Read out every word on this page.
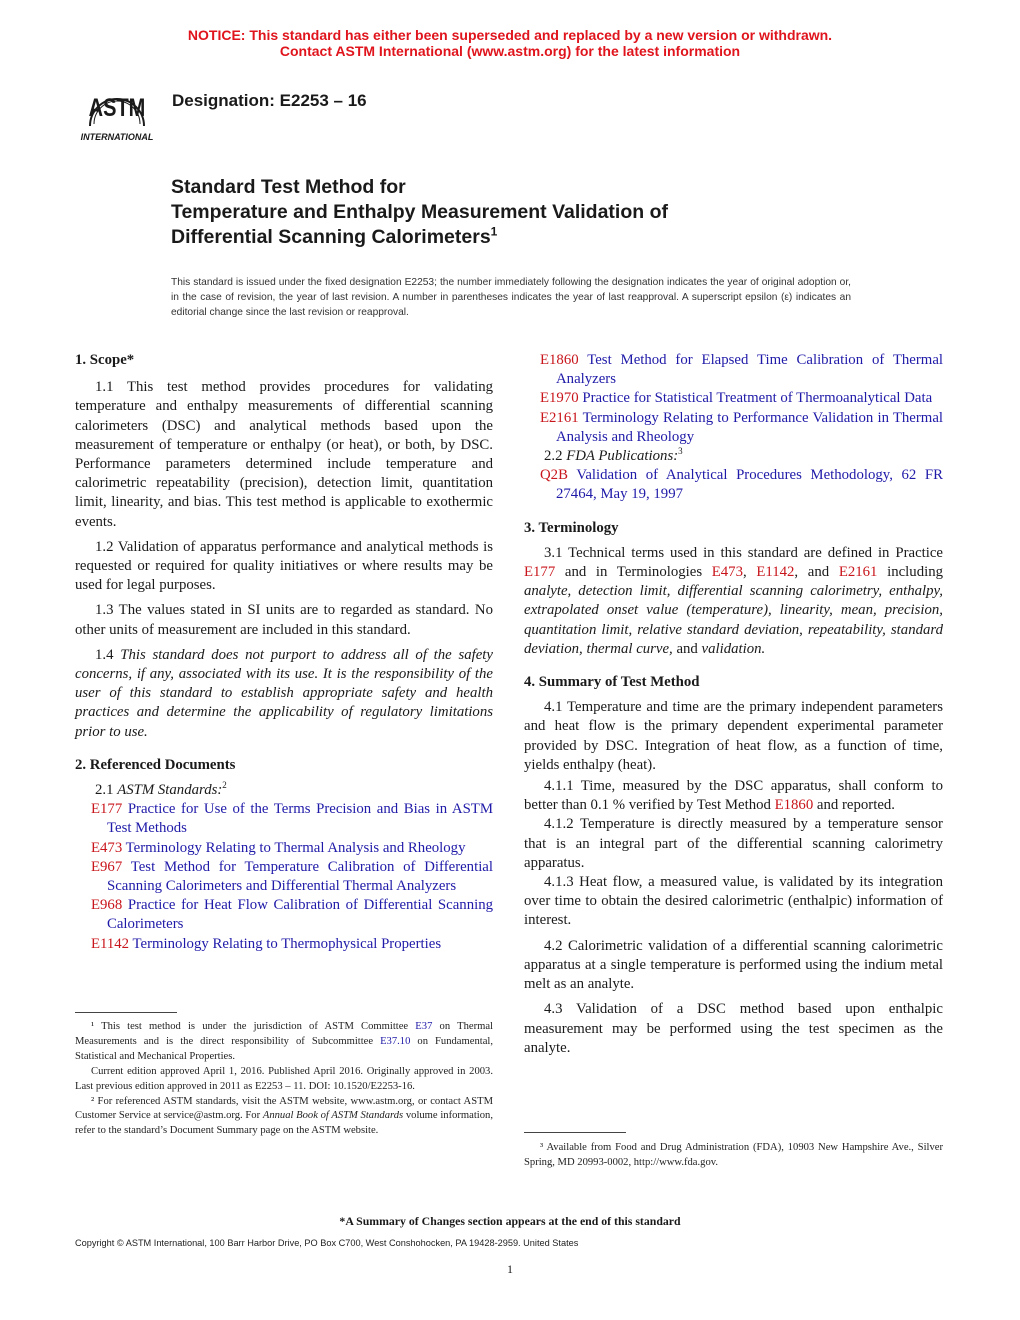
NOTICE: This standard has either been superseded and replaced by a new version or withdrawn.
Contact ASTM International (www.astm.org) for the latest information
ASTM
INTERNATIONAL
Designation: E2253 – 16
Standard Test Method for
Temperature and Enthalpy Measurement Validation of
Differential Scanning Calorimeters$^1$
This standard is issued under the fixed designation E2253; the number immediately following the designation indicates the year of original adoption or, in the case of revision, the year of last revision. A number in parentheses indicates the year of last reapproval. A superscript epsilon (ε) indicates an editorial change since the last revision or reapproval.

1. Scope*

1.1 This test method provides procedures for validating temperature and enthalpy measurements of differential scanning calorimeters (DSC) and analytical methods based upon the measurement of temperature or enthalpy (or heat), or both, by DSC. Performance parameters determined include temperature and calorimetric repeatability (precision), detection limit, quantitation limit, linearity, and bias. This test method is applicable to exothermic events.

1.2 Validation of apparatus performance and analytical methods is requested or required for quality initiatives or where results may be used for legal purposes.

1.3 The values stated in SI units are to regarded as standard. No other units of measurement are included in this standard.

1.4 This standard does not purport to address all of the safety concerns, if any, associated with its use. It is the responsibility of the user of this standard to establish appropriate safety and health practices and determine the applicability of regulatory limitations prior to use.

2. Referenced Documents

2.1 ASTM Standards:$^2$

E177 Practice for Use of the Terms Precision and Bias in ASTM Test Methods

E473 Terminology Relating to Thermal Analysis and Rheology

E967 Test Method for Temperature Calibration of Differential Scanning Calorimeters and Differential Thermal Analyzers

E968 Practice for Heat Flow Calibration of Differential Scanning Calorimeters

E1142 Terminology Relating to Thermophysical Properties

¹ This test method is under the jurisdiction of ASTM Committee E37 on Thermal Measurements and is the direct responsibility of Subcommittee E37.10 on Fundamental, Statistical and Mechanical Properties.

Current edition approved April 1, 2016. Published April 2016. Originally approved in 2003. Last previous edition approved in 2011 as E2253 – 11. DOI: 10.1520/E2253-16.

² For referenced ASTM standards, visit the ASTM website, www.astm.org, or contact ASTM Customer Service at service@astm.org. For Annual Book of ASTM Standards volume information, refer to the standard’s Document Summary page on the ASTM website.

E1860 Test Method for Elapsed Time Calibration of Thermal Analyzers

E1970 Practice for Statistical Treatment of Thermoanalytical Data

E2161 Terminology Relating to Performance Validation in Thermal Analysis and Rheology

2.2 FDA Publications:$^3$

Q2B Validation of Analytical Procedures Methodology, 62 FR 27464, May 19, 1997

3. Terminology

3.1 Technical terms used in this standard are defined in Practice E177 and in Terminologies E473, E1142, and E2161 including analyte, detection limit, differential scanning calorimetry, enthalpy, extrapolated onset value (temperature), linearity, mean, precision, quantitation limit, relative standard deviation, repeatability, standard deviation, thermal curve, and validation.

4. Summary of Test Method

4.1 Temperature and time are the primary independent parameters and heat flow is the primary dependent experimental parameter provided by DSC. Integration of heat flow, as a function of time, yields enthalpy (heat).

4.1.1 Time, measured by the DSC apparatus, shall conform to better than 0.1 % verified by Test Method E1860 and reported.

4.1.2 Temperature is directly measured by a temperature sensor that is an integral part of the differential scanning calorimetry apparatus.

4.1.3 Heat flow, a measured value, is validated by its integration over time to obtain the desired calorimetric (enthalpic) information of interest.

4.2 Calorimetric validation of a differential scanning calorimetric apparatus at a single temperature is performed using the indium metal melt as an analyte.

4.3 Validation of a DSC method based upon enthalpic measurement may be performed using the test specimen as the analyte.

³ Available from Food and Drug Administration (FDA), 10903 New Hampshire Ave., Silver Spring, MD 20993-0002, http://www.fda.gov.

*A Summary of Changes section appears at the end of this standard
Copyright © ASTM International, 100 Barr Harbor Drive, PO Box C700, West Conshohocken, PA 19428-2959. United States
1
